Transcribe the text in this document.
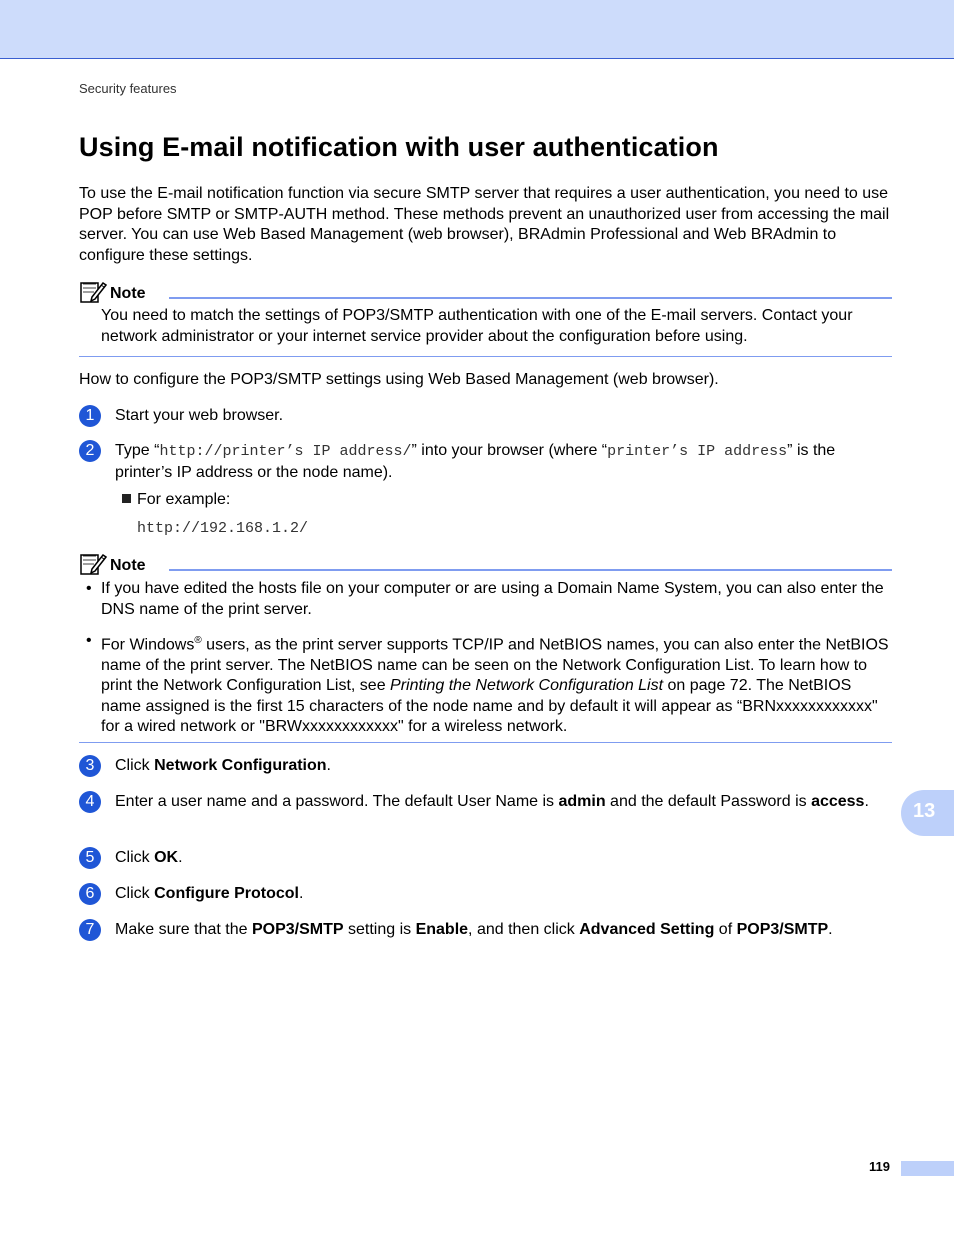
Security features
Using E-mail notification with user authentication

To use the E-mail notification function via secure SMTP server that requires a user authentication, you need to use POP before SMTP or SMTP-AUTH method. These methods prevent an unauthorized user from accessing the mail server. You can use Web Based Management (web browser), BRAdmin Professional and Web BRAdmin to configure these settings.

Note

You need to match the settings of POP3/SMTP authentication with one of the E-mail servers. Contact your network administrator or your internet service provider about the configuration before using.

How to configure the POP3/SMTP settings using Web Based Management (web browser).

1	Start your web browser.
2	Type “http://printer’s IP address/” into your browser (where “printer’s IP address” is the printer’s IP address or the node name).
For example:
http://192.168.1.2/
Note
• If you have edited the hosts file on your computer or are using a Domain Name System, you can also enter the DNS name of the print server.
• For Windows® users, as the print server supports TCP/IP and NetBIOS names, you can also enter the NetBIOS name of the print server. The NetBIOS name can be seen on the Network Configuration List. To learn how to print the Network Configuration List, see Printing the Network Configuration List on page 72. The NetBIOS name assigned is the first 15 characters of the node name and by default it will appear as “BRNxxxxxxxxxxxx" for a wired network or "BRWxxxxxxxxxxxx" for a wireless network.
3	Click Network Configuration.
4	Enter a user name and a password. The default User Name is admin and the default Password is access.
5	Click OK.
6	Click Configure Protocol.
7	Make sure that the POP3/SMTP setting is Enable, and then click Advanced Setting of POP3/SMTP.
13
119
